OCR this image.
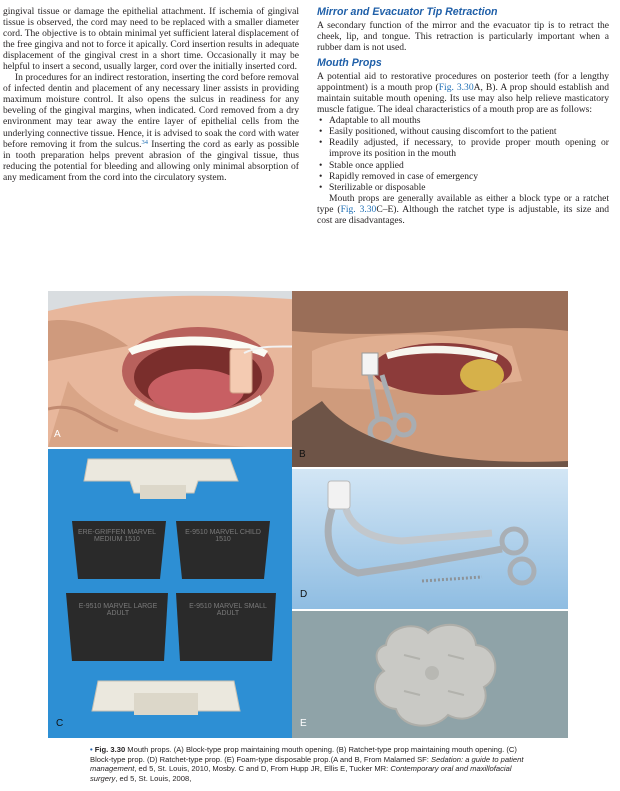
gingival tissue or damage the epithelial attachment. If ischemia of gingival tissue is observed, the cord may need to be replaced with a smaller diameter cord. The objective is to obtain minimal yet sufficient lateral displacement of the free gingiva and not to force it apically. Cord insertion results in adequate displacement of the gingival crest in a short time. Occasionally it may be helpful to insert a second, usually larger, cord over the initially inserted cord.

In procedures for an indirect restoration, inserting the cord before removal of infected dentin and placement of any necessary liner assists in providing maximum moisture control. It also opens the sulcus in readiness for any beveling of the gingival margins, when indicated. Cord removed from a dry environment may tear away the entire layer of epithelial cells from the underlying connective tissue. Hence, it is advised to soak the cord with water before removing it from the sulcus.$^{34}$ Inserting the cord as early as possible in tooth preparation helps prevent abrasion of the gingival tissue, thus reducing the potential for bleeding and allowing only minimal absorption of any medicament from the cord into the circulatory system.

Mirror and Evacuator Tip Retraction

A secondary function of the mirror and the evacuator tip is to retract the cheek, lip, and tongue. This retraction is particularly important when a rubber dam is not used.

Mouth Props

A potential aid to restorative procedures on posterior teeth (for a lengthy appointment) is a mouth prop (Fig. 3.30A, B). A prop should establish and maintain suitable mouth opening. Its use may also help relieve masticatory muscle fatigue. The ideal characteristics of a mouth prop are as follows:

• Adaptable to all mouths
• Easily positioned, without causing discomfort to the patient
• Readily adjusted, if necessary, to provide proper mouth opening or improve its position in the mouth
• Stable once applied
• Rapidly removed in case of emergency
• Sterilizable or disposable

Mouth props are generally available as either a block type or a ratchet type (Fig. 3.30C–E). Although the ratchet type is adjustable, its size and cost are disadvantages.

A
B
ERE-GRIFFEN MARVEL MEDIUM 1510
E-9510 MARVEL CHILD 1510
E-9510 MARVEL LARGE ADULT
E-9510 MARVEL SMALL ADULT
C
D
E
• Fig. 3.30 Mouth props. (A) Block-type prop maintaining mouth opening. (B) Ratchet-type prop maintaining mouth opening. (C) Block-type prop. (D) Ratchet-type prop. (E) Foam-type disposable prop.(A and B, From Malamed SF: Sedation: a guide to patient management, ed 5, St. Louis, 2010, Mosby. C and D, From Hupp JR, Ellis E, Tucker MR: Contemporary oral and maxillofacial surgery, ed 5, St. Louis, 2008,
